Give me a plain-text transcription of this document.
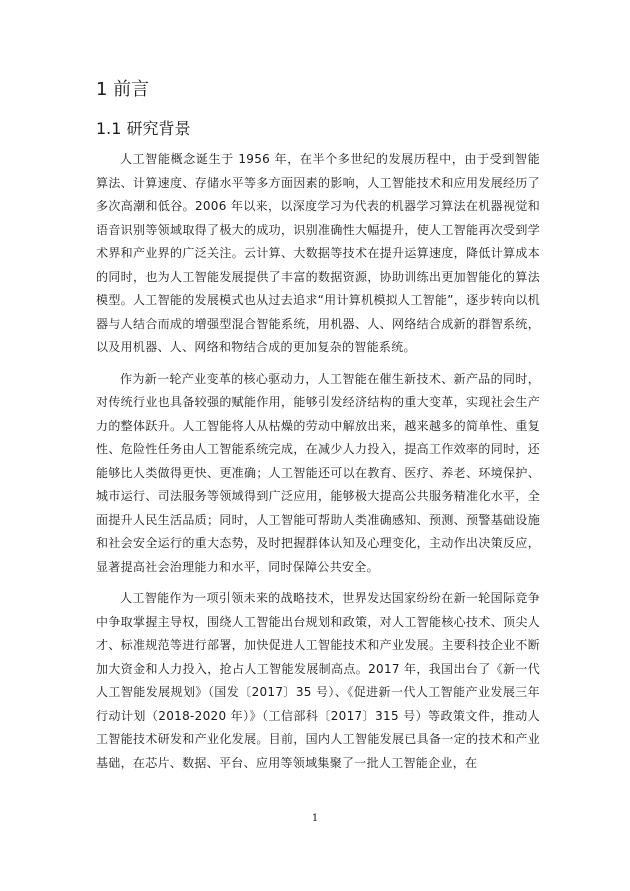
1 前言
1.1 研究背景

人工智能概念诞生于 1956 年，在半个多世纪的发展历程中，由于受到智能算法、计算速度、存储水平等多方面因素的影响，人工智能技术和应用发展经历了多次高潮和低谷。2006 年以来，以深度学习为代表的机器学习算法在机器视觉和语音识别等领域取得了极大的成功，识别准确性大幅提升，使人工智能再次受到学术界和产业界的广泛关注。云计算、大数据等技术在提升运算速度，降低计算成本的同时，也为人工智能发展提供了丰富的数据资源，协助训练出更加智能化的算法模型。人工智能的发展模式也从过去追求“用计算机模拟人工智能”，逐步转向以机器与人结合而成的增强型混合智能系统，用机器、人、网络结合成新的群智系统，以及用机器、人、网络和物结合成的更加复杂的智能系统。

作为新一轮产业变革的核心驱动力，人工智能在催生新技术、新产品的同时，对传统行业也具备较强的赋能作用，能够引发经济结构的重大变革，实现社会生产力的整体跃升。人工智能将人从枯燥的劳动中解放出来，越来越多的简单性、重复性、危险性任务由人工智能系统完成，在减少人力投入，提高工作效率的同时，还能够比人类做得更快、更准确；人工智能还可以在教育、医疗、养老、环境保护、城市运行、司法服务等领域得到广泛应用，能够极大提高公共服务精准化水平，全面提升人民生活品质；同时，人工智能可帮助人类准确感知、预测、预警基础设施和社会安全运行的重大态势，及时把握群体认知及心理变化，主动作出决策反应，显著提高社会治理能力和水平，同时保障公共安全。

人工智能作为一项引领未来的战略技术，世界发达国家纷纷在新一轮国际竞争中争取掌握主导权，围绕人工智能出台规划和政策，对人工智能核心技术、顶尖人才、标准规范等进行部署，加快促进人工智能技术和产业发展。主要科技企业不断加大资金和人力投入，抢占人工智能发展制高点。2017 年，我国出台了《新一代人工智能发展规划》（国发〔2017〕35 号）、《促进新一代人工智能产业发展三年行动计划（2018-2020 年）》（工信部科〔2017〕315 号）等政策文件，推动人工智能技术研发和产业化发展。目前，国内人工智能发展已具备一定的技术和产业基础，在芯片、数据、平台、应用等领域集聚了一批人工智能企业，在

1
